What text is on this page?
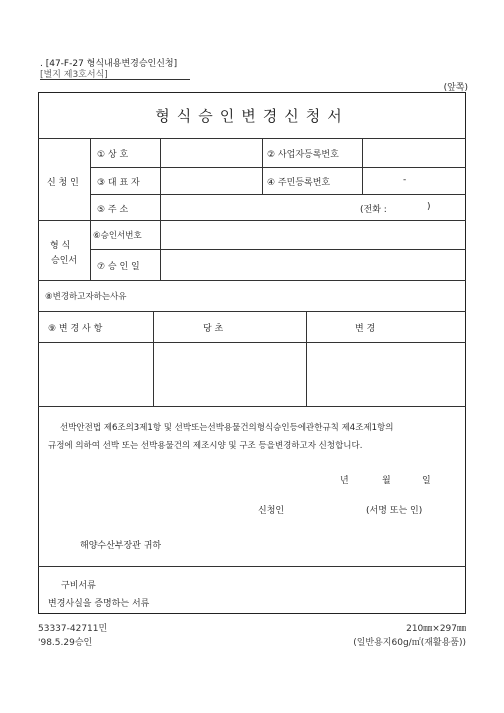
. [47-F-27 형식내용변경승인신청]
[별지 제3호서식]
(앞쪽)
형식승인변경신청서
신 청 인
① 상 호	② 사업자등록번호
③ 대 표 자	④ 주민등록번호	-
⑤ 주 소	(전화 :	)
형 식
승인서
⑥승인서번호
⑦ 승 인 일
⑧변경하고자하는사유
⑨ 변 경 사 항	당 초	변 경
선박안전법 제6조의3제1항 및 선박또는선박용물건의형식승인등에관한규칙 제4조제1항의
규정에 의하여 선박 또는 선박용물건의 제조시양 및 구조 등을변경하고자 신청합니다.
년	월	일
신청인	(서명 또는 인)
해양수산부장관 귀하
구비서류
변경사실을 증명하는 서류
53337-42711민
'98.5.29승인
210㎜×297㎜
(일반용지60g/㎡(재활용품))
